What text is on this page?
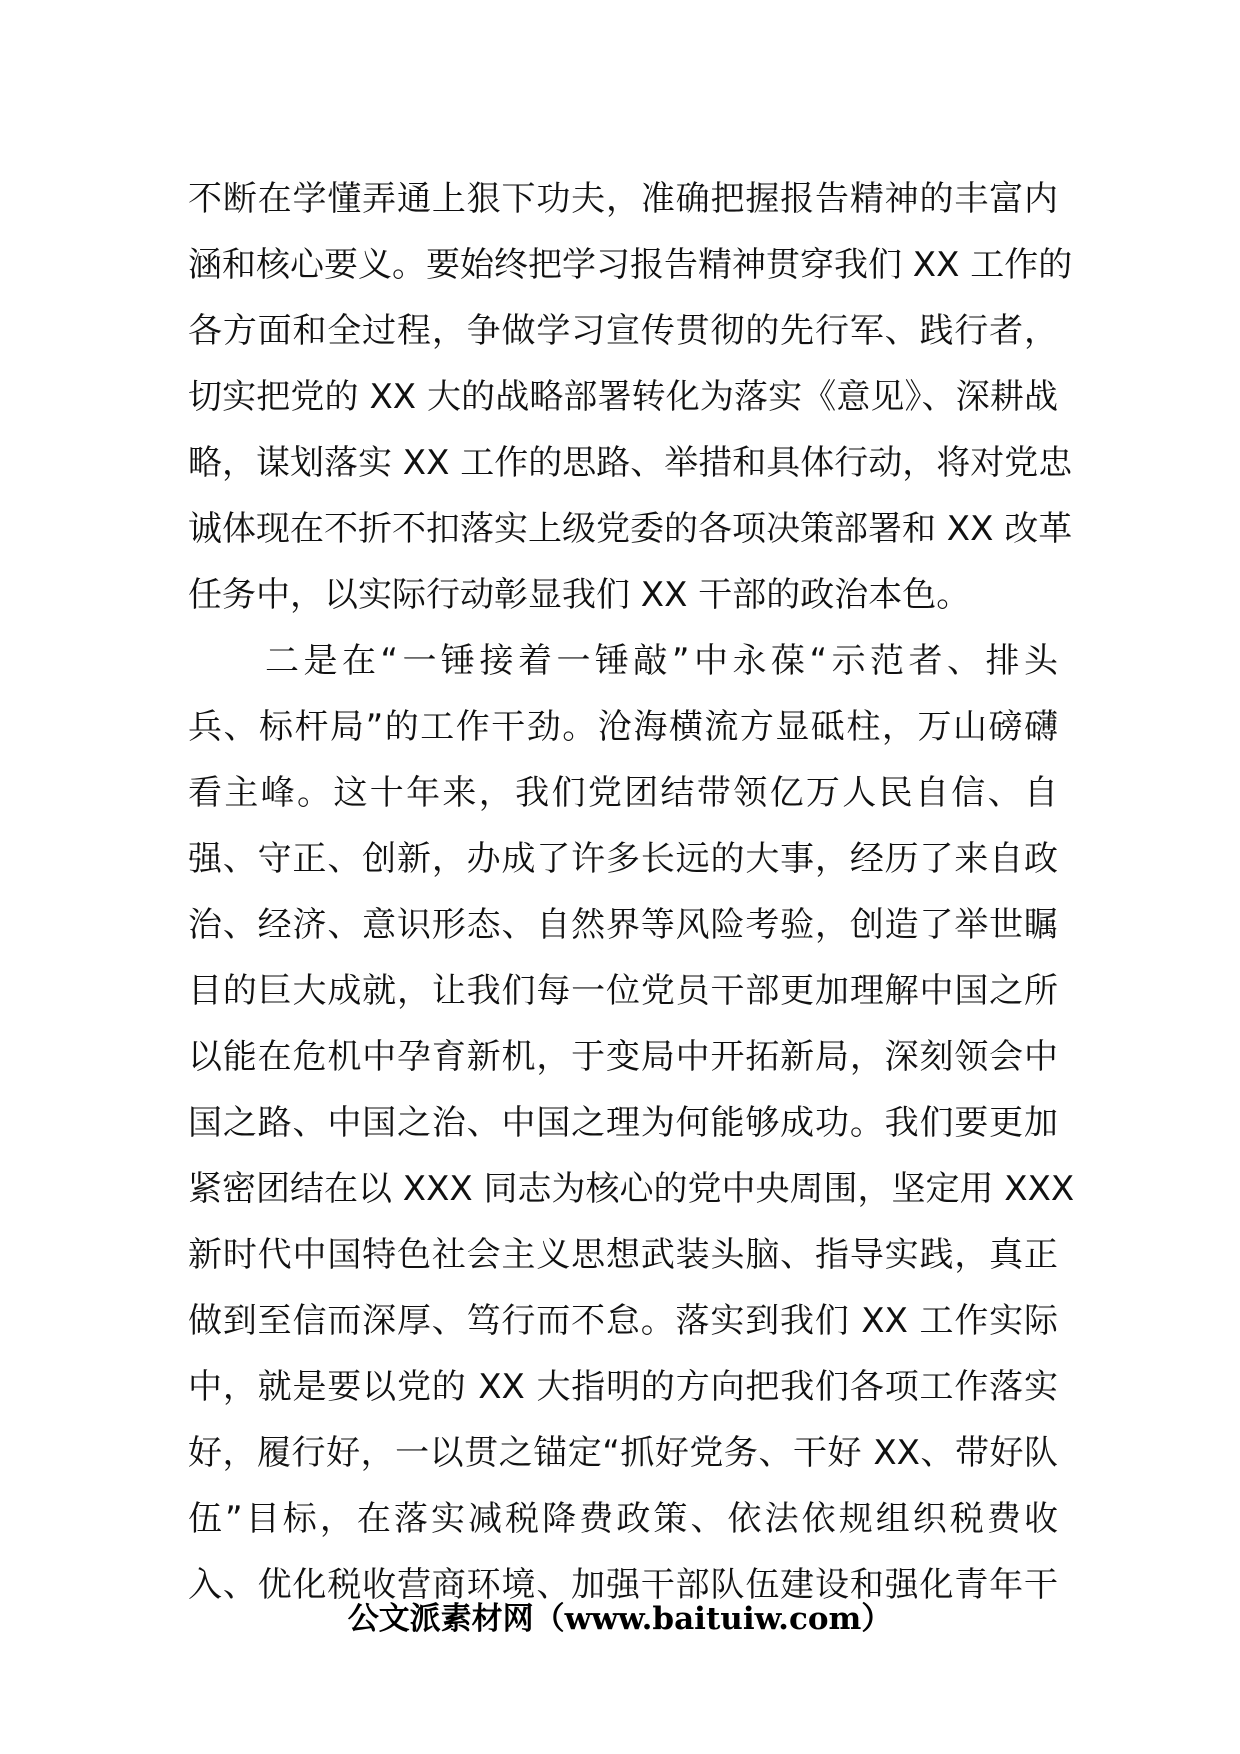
不断在学懂弄通上狠下功夫，准确把握报告精神的丰富内
涵和核心要义。要始终把学习报告精神贯穿我们 XX 工作的
各方面和全过程，争做学习宣传贯彻的先行军、践行者，
切实把党的 XX 大的战略部署转化为落实《意见》、深耕战
略，谋划落实 XX 工作的思路、举措和具体行动，将对党忠
诚体现在不折不扣落实上级党委的各项决策部署和 XX 改革
任务中，以实际行动彰显我们 XX 干部的政治本色。
　　二是在“一锤接着一锤敲”中永葆“示范者、排头
兵、标杆局”的工作干劲。沧海横流方显砥柱，万山磅礴
看主峰。这十年来，我们党团结带领亿万人民自信、自
强、守正、创新，办成了许多长远的大事，经历了来自政
治、经济、意识形态、自然界等风险考验，创造了举世瞩
目的巨大成就，让我们每一位党员干部更加理解中国之所
以能在危机中孕育新机，于变局中开拓新局，深刻领会中
国之路、中国之治、中国之理为何能够成功。我们要更加
紧密团结在以 XXX 同志为核心的党中央周围，坚定用 XXX
新时代中国特色社会主义思想武装头脑、指导实践，真正
做到至信而深厚、笃行而不怠。落实到我们 XX 工作实际
中，就是要以党的 XX 大指明的方向把我们各项工作落实
好，履行好，一以贯之锚定“抓好党务、干好 XX、带好队
伍”目标，在落实减税降费政策、依法依规组织税费收
入、优化税收营商环境、加强干部队伍建设和强化青年干
公文派素材网（www.baituiw.com）
